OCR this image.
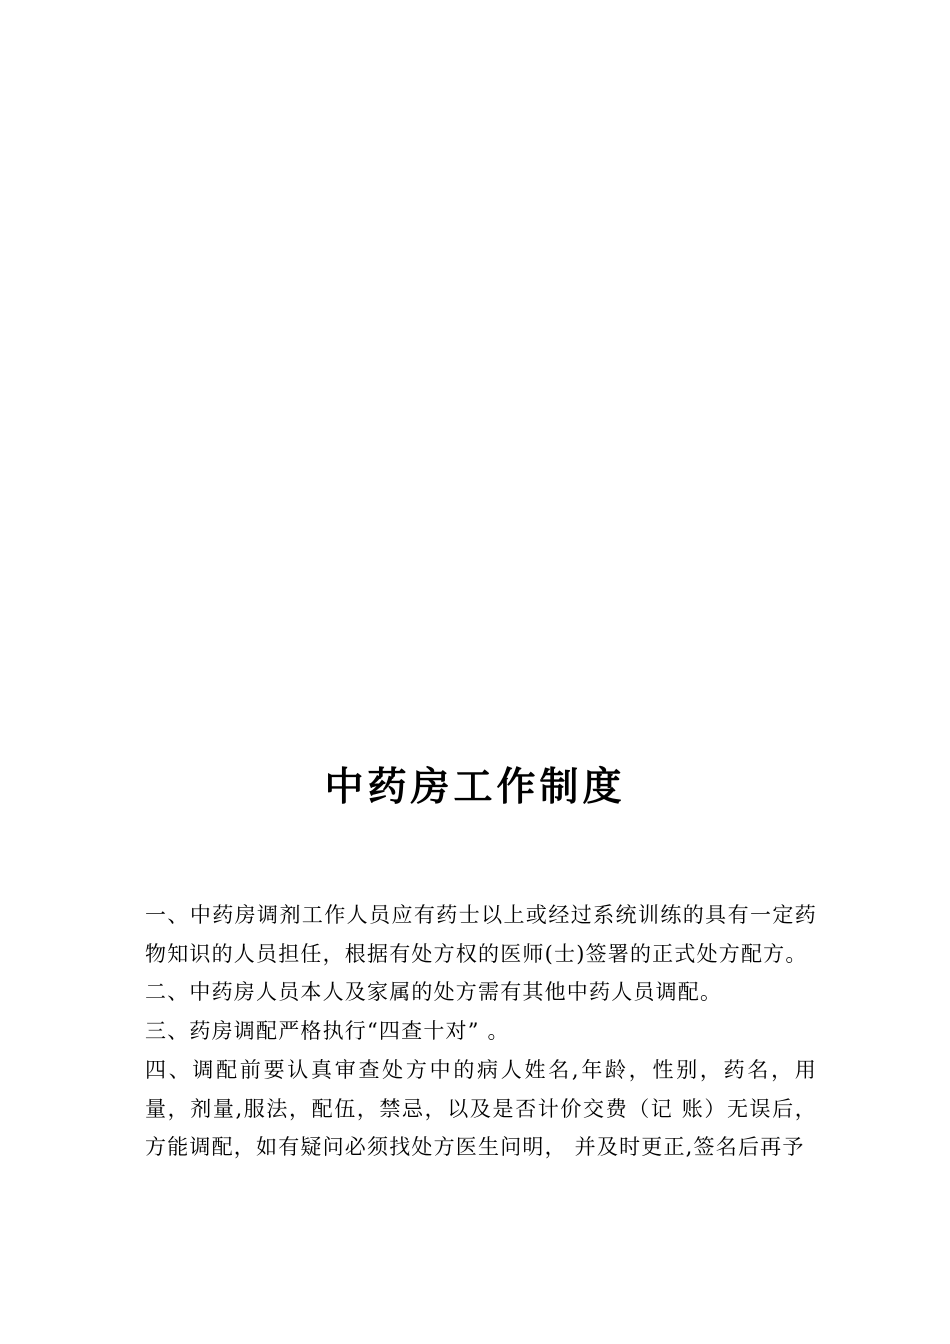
中药房工作制度

一、中药房调剂工作人员应有药士以上或经过系统训练的具有一定药物知识的人员担任，根据有处方权的医师(士)签署的正式处方配方。

二、中药房人员本人及家属的处方需有其他中药人员调配。

三、药房调配严格执行“四查十对” 。

四、调配前要认真审查处方中的病人姓名,年龄，性别，药名，用量，剂量,服法，配伍，禁忌，以及是否计价交费（记 账）无误后，方能调配，如有疑问必须找处方医生问明， 并及时更正,签名后再予
